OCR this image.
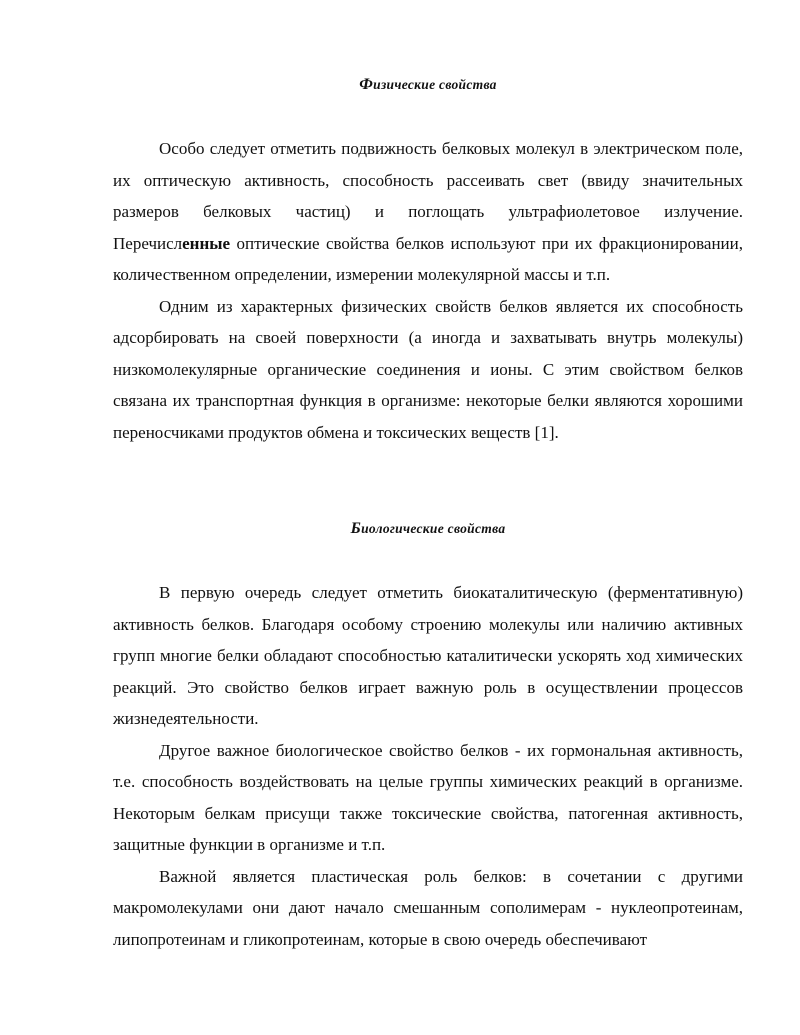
Физические свойства

Особо следует отметить подвижность белковых молекул в электрическом поле, их оптическую активность, способность рассеивать свет (ввиду значительных размеров белковых частиц) и поглощать ультрафиолетовое излучение. Перечисленные оптические свойства белков используют при их фракционировании, количественном определении, измерении молекулярной массы и т.п.

Одним из характерных физических свойств белков является их способность адсорбировать на своей поверхности (а иногда и захватывать внутрь молекулы) низкомолекулярные органические соединения и ионы. С этим свойством белков связана их транспортная функция в организме: некоторые белки являются хорошими переносчиками продуктов обмена и токсических веществ [1].

Биологические свойства

В первую очередь следует отметить биокаталитическую (ферментативную) активность белков. Благодаря особому строению молекулы или наличию активных групп многие белки обладают способностью каталитически ускорять ход химических реакций. Это свойство белков играет важную роль в осуществлении процессов жизнедеятельности.

Другое важное биологическое свойство белков - их гормональная активность, т.е. способность воздействовать на целые группы химических реакций в организме. Некоторым белкам присущи также токсические свойства, патогенная активность, защитные функции в организме и т.п.

Важной является пластическая роль белков: в сочетании с другими макромолекулами они дают начало смешанным сополимерам - нуклеопротеинам, липопротеинам и гликопротеинам, которые в свою очередь обеспечивают
